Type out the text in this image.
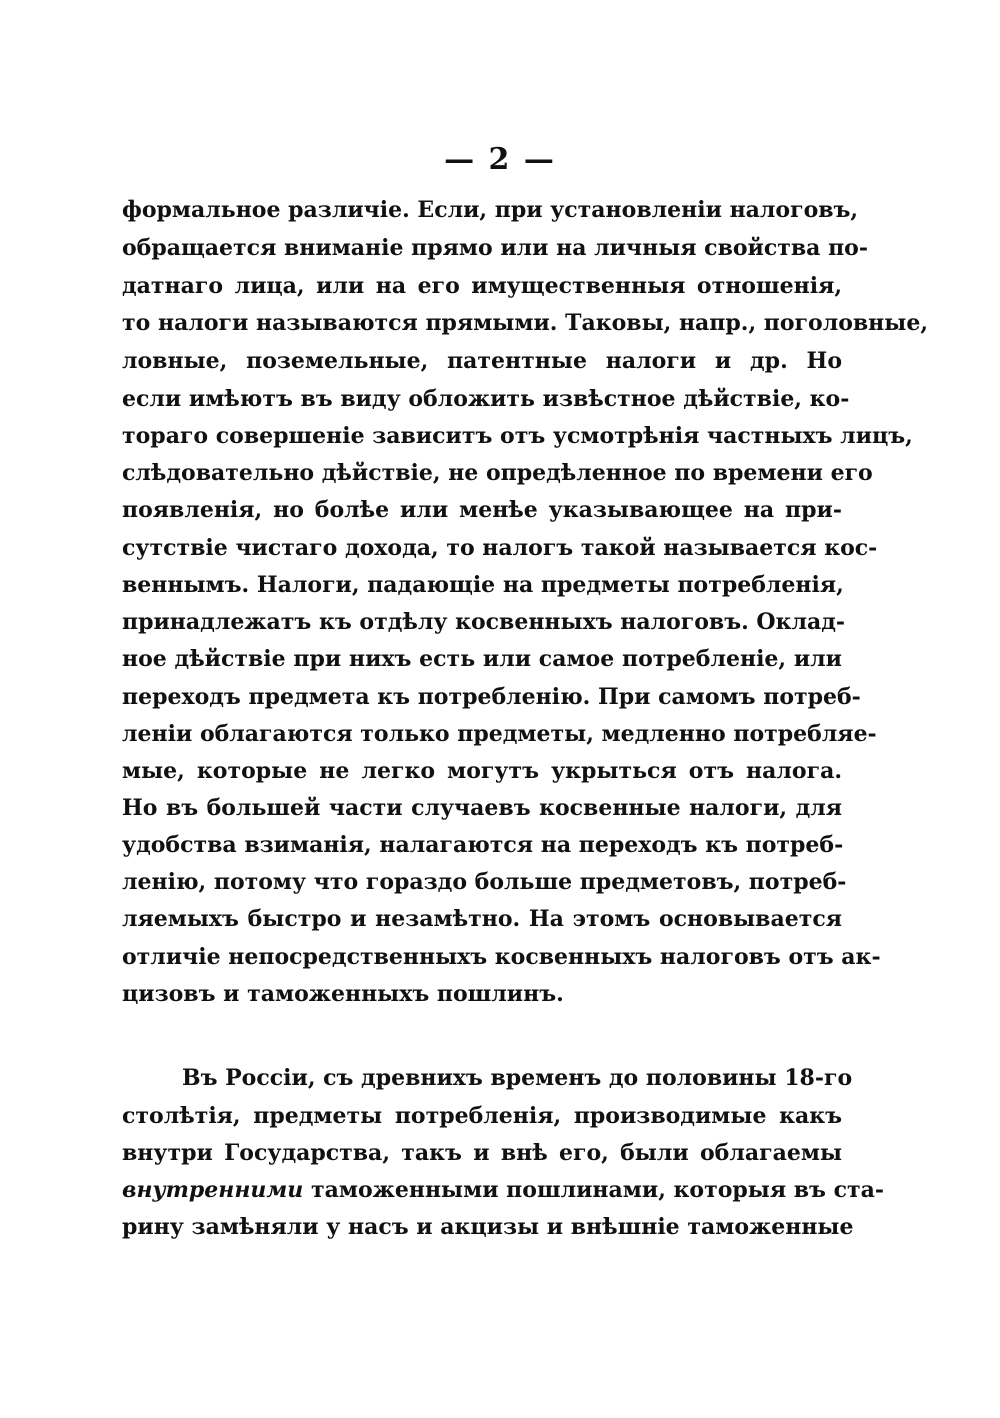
— 2 —
формальное различіе. Если, при установленіи налоговъ,
обращается вниманіе прямо или на личныя свойства по-
датнаго лица, или на его имущественныя отношенія,
то налоги называются прямыми. Таковы, напр., поголовные,
ловные, поземельные, патентные налоги и др. Но
если имѣютъ въ виду обложить извѣстное дѣйствіе, ко-
тораго совершеніе зависитъ отъ усмотрѣнія частныхъ лицъ,
слѣдовательно дѣйствіе, не опредѣленное по времени его
появленія, но болѣе или менѣе указывающее на при-
сутствіе чистаго дохода, то налогъ такой называется кос-
веннымъ. Налоги, падающіе на предметы потребленія,
принадлежатъ къ отдѣлу косвенныхъ налоговъ. Оклад-
ное дѣйствіе при нихъ есть или самое потребленіе, или
переходъ предмета къ потребленію. При самомъ потреб-
леніи облагаются только предметы, медленно потребляе-
мые, которые не легко могутъ укрыться отъ налога.
Но въ большей части случаевъ косвенные налоги, для
удобства взиманія, налагаются на переходъ къ потреб-
ленію, потому что гораздо больше предметовъ, потреб-
ляемыхъ быстро и незамѣтно. На этомъ основывается
отличіе непосредственныхъ косвенныхъ налоговъ отъ ак-
цизовъ и таможенныхъ пошлинъ.
Въ Россіи, съ древнихъ временъ до половины 18-го
столѣтія, предметы потребленія, производимые какъ
внутри Государства, такъ и внѣ его, были облагаемы
внутренними таможенными пошлинами, которыя въ ста-
рину замѣняли у насъ и акцизы и внѣшніе таможенные
